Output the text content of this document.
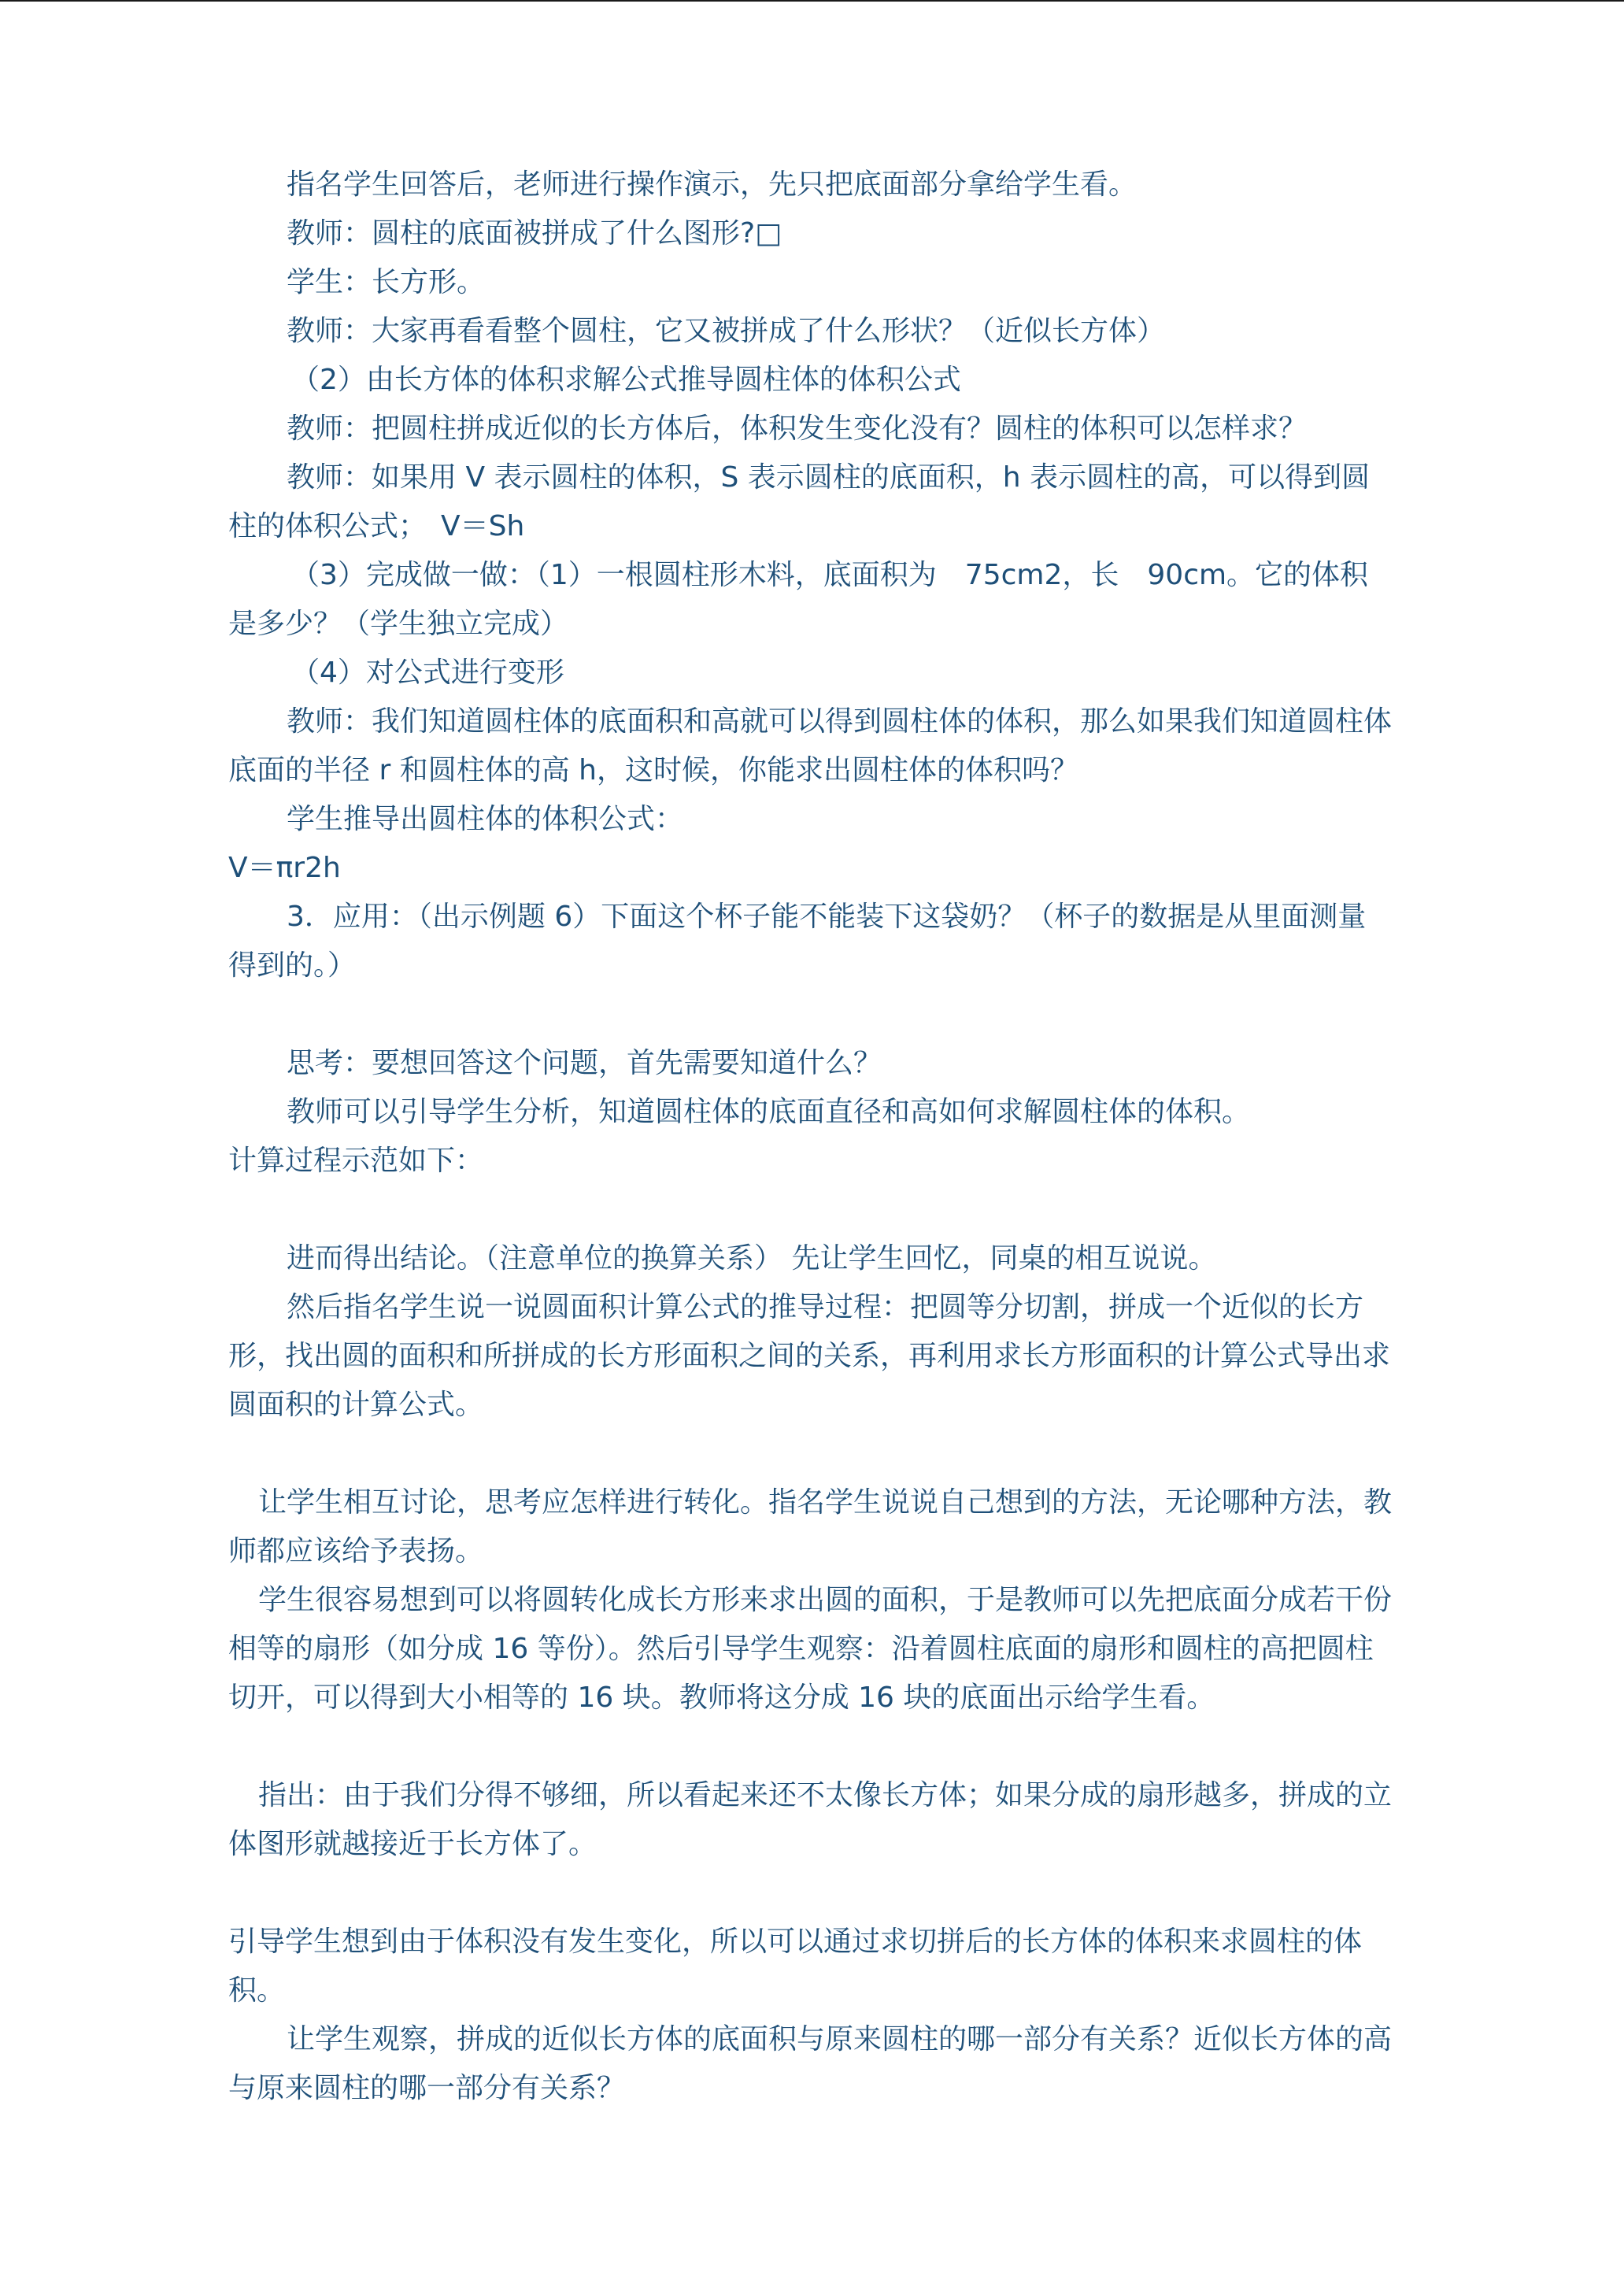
指名学生回答后，老师进行操作演示，先只把底面部分拿给学生看。

教师：圆柱的底面被拼成了什么图形?□

学生：长方形。

教师：大家再看看整个圆柱，它又被拼成了什么形状？（近似长方体）

（2）由长方体的体积求解公式推导圆柱体的体积公式

教师：把圆柱拼成近似的长方体后，体积发生变化没有？圆柱的体积可以怎样求？

教师：如果用 V 表示圆柱的体积，S 表示圆柱的底面积，h 表示圆柱的高，可以得到圆柱的体积公式；　V＝Sh

（3）完成做一做：（1）一根圆柱形木料，底面积为　75cm2，长　90cm。它的体积是多少？（学生独立完成）

（4）对公式进行变形

教师：我们知道圆柱体的底面积和高就可以得到圆柱体的体积，那么如果我们知道圆柱体底面的半径 r 和圆柱体的高 h，这时候，你能求出圆柱体的体积吗？

学生推导出圆柱体的体积公式：

V＝πr2h

3．应用：（出示例题 6）下面这个杯子能不能装下这袋奶？（杯子的数据是从里面测量得到的。）

思考：要想回答这个问题，首先需要知道什么？

教师可以引导学生分析，知道圆柱体的底面直径和高如何求解圆柱体的体积。

计算过程示范如下：

进而得出结论。（注意单位的换算关系） 先让学生回忆，同桌的相互说说。

然后指名学生说一说圆面积计算公式的推导过程：把圆等分切割，拼成一个近似的长方形，找出圆的面积和所拼成的长方形面积之间的关系，再利用求长方形面积的计算公式导出求圆面积的计算公式。

让学生相互讨论，思考应怎样进行转化。指名学生说说自己想到的方法，无论哪种方法，教师都应该给予表扬。

学生很容易想到可以将圆转化成长方形来求出圆的面积，于是教师可以先把底面分成若干份相等的扇形（如分成 16 等份）。然后引导学生观察：沿着圆柱底面的扇形和圆柱的高把圆柱切开，可以得到大小相等的 16 块。教师将这分成 16 块的底面出示给学生看。

指出：由于我们分得不够细，所以看起来还不太像长方体；如果分成的扇形越多，拼成的立体图形就越接近于长方体了。

引导学生想到由于体积没有发生变化，所以可以通过求切拼后的长方体的体积来求圆柱的体积。

让学生观察，拼成的近似长方体的底面积与原来圆柱的哪一部分有关系？近似长方体的高与原来圆柱的哪一部分有关系？
